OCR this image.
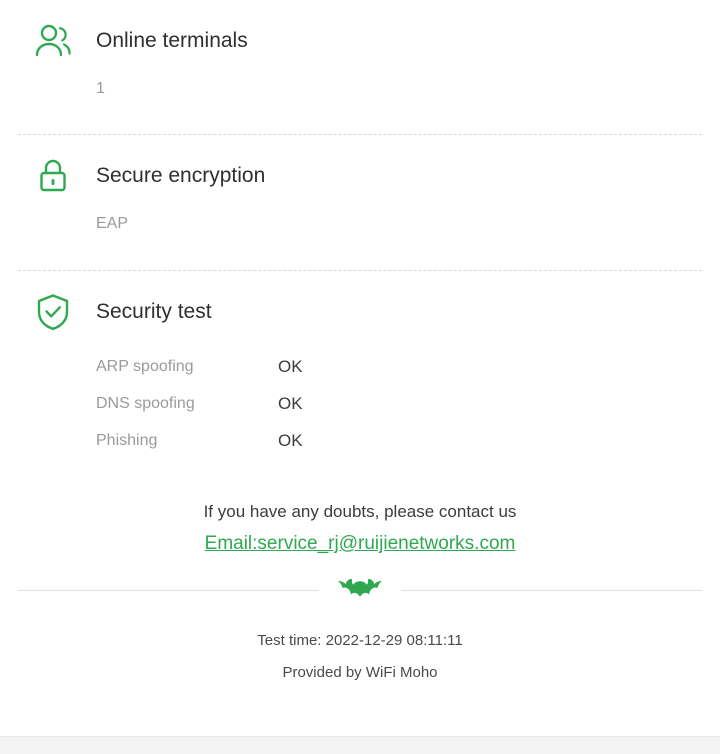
Online terminals
1
Secure encryption
EAP
Security test
ARP spoofing	OK
DNS spoofing	OK
Phishing	OK
If you have any doubts, please contact us
Email:service_rj@ruijienetworks.com
Test time: 2022-12-29 08:11:11
Provided by WiFi Moho
